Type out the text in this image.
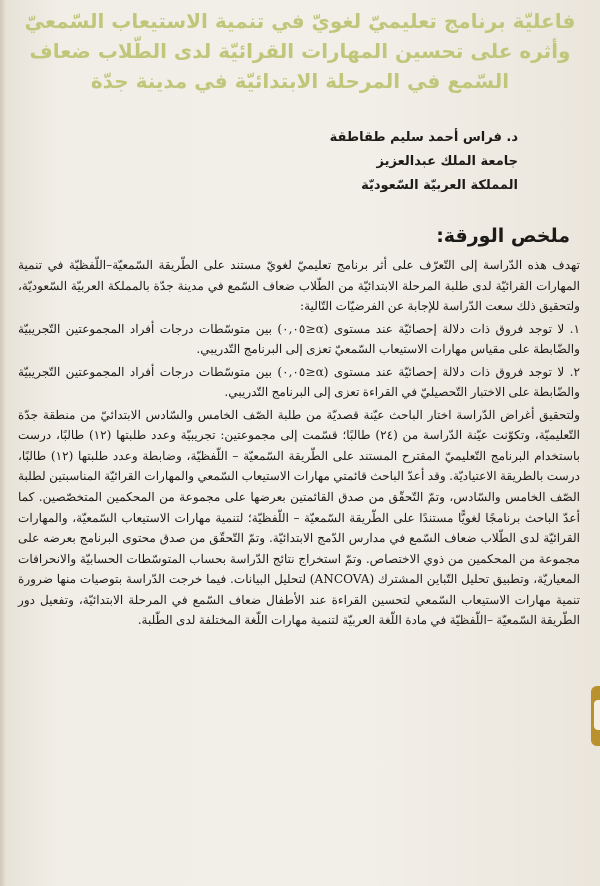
فاعليّة برنامج تعليميّ لغويّ في تنمية الاستيعاب السّمعيّ
وأثره على تحسين المهارات القرائيّة لدى الطّلاب ضعاف
السّمع في المرحلة الابتدائيّة في مدينة جدّة
د. فراس أحمد سليم طقاطقة
جامعة الملك عبدالعزيز
المملكة العربيّة السّعوديّة
ملخص الورقة:

تهدف هذه الدّراسة إلى التّعرّف على أثر برنامج تعليميّ لغويّ مستند على الطّريقة السّمعيّة–اللّفظيّة في تنمية المهارات القرائيّة لدى طلبة المرحلة الابتدائيّة من الطّلاب ضعاف السّمع في مدينة جدّة بالمملكة العربيّة السّعوديّة، ولتحقيق ذلك سعت الدّراسة للإجابة عن الفرضيّات التّالية:

١. لا توجد فروق ذات دلالة إحصائيّة عند مستوى (α≤٠,٠٥) بين متوسّطات درجات أفراد المجموعتين التّجريبيّة والضّابطة على مقياس مهارات الاستيعاب السّمعيّ تعزى إلى البرنامج التّدريبي.

٢. لا توجد فروق ذات دلالة إحصائيّة عند مستوى (α≤٠,٠٥) بين متوسّطات درجات أفراد المجموعتين التّجريبيّة والضّابطة على الاختبار التّحصيليّ في القراءة تعزى إلى البرنامج التّدريبي.

ولتحقيق أغراض الدّراسة اختار الباحث عيّنة قصديّة من طلبة الصّف الخامس والسّادس الابتدائيّ من منطقة جدّة التّعليميّة، وتكوّنت عيّنة الدّراسة من (٢٤) طالبًا؛ قسّمت إلى مجموعتين: تجريبيّة وعدد طلبتها (١٢) طالبًا، درست باستخدام البرنامج التّعليميّ المقترح المستند على الطّريقة السّمعيّة – اللّفظيّة، وضابطة وعدد طلبتها (١٢) طالبًا، درست بالطريقة الاعتياديّة. وقد أعدّ الباحث قائمتي مهارات الاستيعاب السّمعي والمهارات القرائيّة المناسبتين لطلبة الصّف الخامس والسّادس، وتمّ التّحقّق من صدق القائمتين بعرضها على مجموعة من المحكمين المتخصّصين. كما أعدّ الباحث برنامجًا لغويًّا مستندًا على الطّريقة السّمعيّة – اللّفظيّة؛ لتنمية مهارات الاستيعاب السّمعيّة، والمهارات القرائيّة لدى الطّلاب ضعاف السّمع في مدارس الدّمج الابتدائيّة. وتمّ التّحقّق من صدق محتوى البرنامج بعرضه على مجموعة من المحكمين من ذوي الاختصاص. وتمّ استخراج نتائج الدّراسة بحساب المتوسّطات الحسابيّة والانحرافات المعياريّة، وتطبيق تحليل التّباين المشترك (ANCOVA) لتحليل البيانات. فيما خرجت الدّراسة بتوصيات منها ضرورة تنمية مهارات الاستيعاب السّمعي لتحسين القراءة عند الأطفال ضعاف السّمع في المرحلة الابتدائيّة، وتفعيل دور الطّريقة السّمعيّة –اللّفظيّة في مادة اللّغة العربيّة لتنمية مهارات اللّغة المختلفة لدى الطّلبة.
